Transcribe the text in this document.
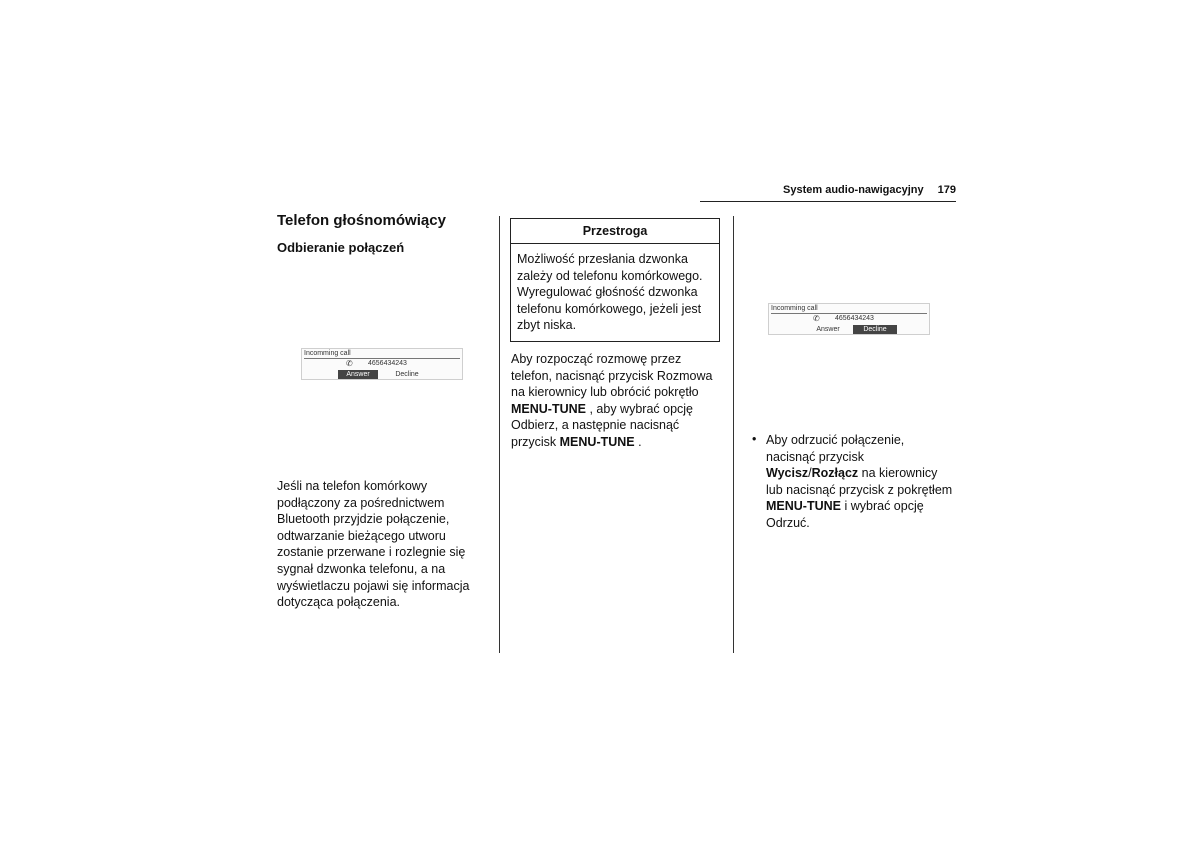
System audio-nawigacyjny 179
Telefon głośnomówiący
Odbieranie połączeń
Incomming call
✆ 4656434243
Answer	Decline
Jeśli na telefon komórkowy podłączony za pośrednictwem Bluetooth przyjdzie połączenie, odtwarzanie bieżącego utworu zostanie przerwane i rozlegnie się sygnał dzwonka telefonu, a na wyświetlaczu pojawi się informacja dotycząca połączenia.
Przestroga
Możliwość przesłania dzwonka zależy od telefonu komórkowego. Wyregulować głośność dzwonka telefonu komórkowego, jeżeli jest zbyt niska.
Aby rozpocząć rozmowę przez telefon, nacisnąć przycisk Rozmowa na kierownicy lub obrócić pokrętło MENU-TUNE , aby wybrać opcję Odbierz, a następnie nacisnąć przycisk MENU-TUNE .
Incomming call
✆ 4656434243
Answer	Decline
• Aby odrzucić połączenie, nacisnąć przycisk Wycisz/Rozłącz na kierownicy lub nacisnąć przycisk z pokrętłem MENU-TUNE i wybrać opcję Odrzuć.
